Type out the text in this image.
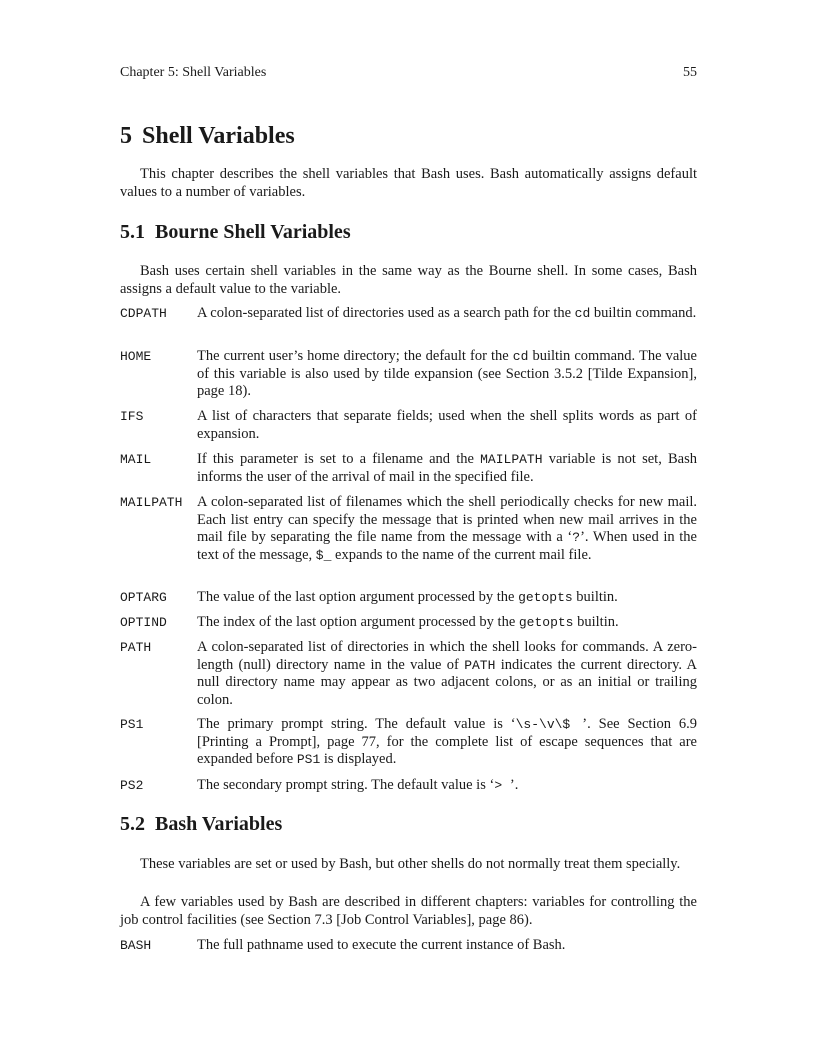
Chapter 5: Shell Variables	55
5 Shell Variables

This chapter describes the shell variables that Bash uses. Bash automatically assigns default values to a number of variables.

5.1 Bourne Shell Variables

Bash uses certain shell variables in the same way as the Bourne shell. In some cases, Bash assigns a default value to the variable.

CDPATH A colon-separated list of directories used as a search path for the cd builtin command.
HOME	The current user’s home directory; the default for the cd builtin command. The value of this variable is also used by tilde expansion (see Section 3.5.2 [Tilde Expansion], page 18).
IFS	A list of characters that separate fields; used when the shell splits words as part of expansion.
MAIL	If this parameter is set to a filename and the MAILPATH variable is not set, Bash informs the user of the arrival of mail in the specified file.
MAILPATH A colon-separated list of filenames which the shell periodically checks for new mail. Each list entry can specify the message that is printed when new mail arrives in the mail file by separating the file name from the message with a ‘?’. When used in the text of the message, $_ expands to the name of the current mail file.
OPTARG The value of the last option argument processed by the getopts builtin.
OPTIND The index of the last option argument processed by the getopts builtin.
PATH	A colon-separated list of directories in which the shell looks for commands. A zero-length (null) directory name in the value of PATH indicates the current directory. A null directory name may appear as two adjacent colons, or as an initial or trailing colon.
PS1	The primary prompt string. The default value is ‘\s-\v\$ ’. See Section 6.9 [Printing a Prompt], page 77, for the complete list of escape sequences that are expanded before PS1 is displayed.
PS2	The secondary prompt string. The default value is ‘> ’.
5.2 Bash Variables

These variables are set or used by Bash, but other shells do not normally treat them specially.

A few variables used by Bash are described in different chapters: variables for controlling the job control facilities (see Section 7.3 [Job Control Variables], page 86).

BASH	The full pathname used to execute the current instance of Bash.
